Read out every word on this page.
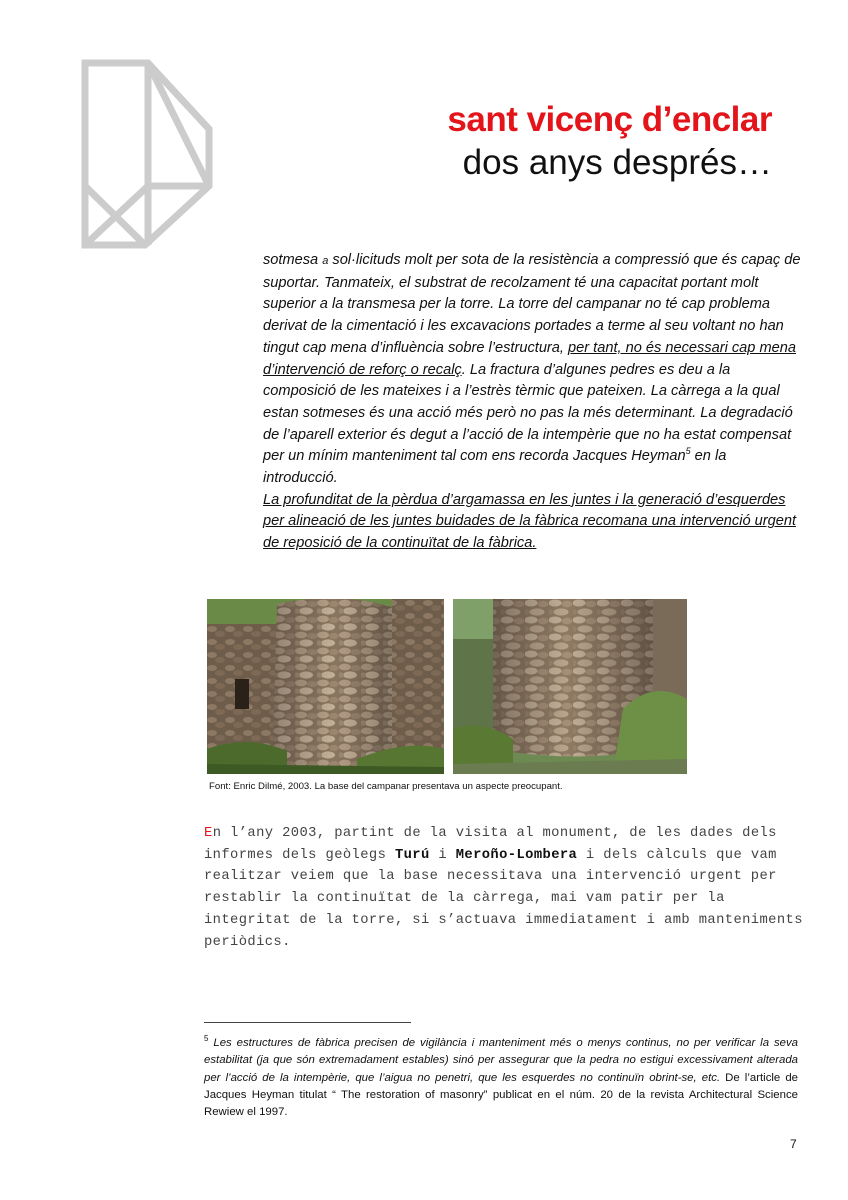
sant vicenç d’enclar
dos anys després…

sotmesa a sol·licituds molt per sota de la resistència a compressió que és capaç de suportar. Tanmateix, el substrat de recolzament té una capacitat portant molt superior a la transmesa per la torre. La torre del campanar no té cap problema derivat de la cimentació i les excavacions portades a terme al seu voltant no han tingut cap mena d’influència sobre l’estructura, per tant, no és necessari cap mena d’intervenció de reforç o recalç. La fractura d’algunes pedres es deu a la composició de les mateixes i a l’estrès tèrmic que pateixen. La càrrega a la qual estan sotmeses és una acció més però no pas la més determinant. La degradació de l’aparell exterior és degut a l’acció de la intempèrie que no ha estat compensat per un mínim manteniment tal com ens recorda Jacques Heyman$^5$ en la introducció.
La profunditat de la pèrdua d’argamassa en les juntes i la generació d’esquerdes per alineació de les juntes buidades de la fàbrica recomana una intervenció urgent de reposició de la continuïtat de la fàbrica.

Font: Enric Dilmé, 2003. La base del campanar presentava un aspecte preocupant.

En l’any 2003, partint de la visita al monument, de les dades dels informes dels geòlegs Turú i Meroño-Lombera i dels càlculs que vam realitzar veiem que la base necessitava una intervenció urgent per restablir la continuïtat de la càrrega, mai vam patir per la integritat de la torre, si s’actuava immediatament i amb manteniments periòdics.

$^5$ Les estructures de fàbrica precisen de vigilància i manteniment més o menys continus, no per verificar la seva estabilitat (ja que són extremadament estables) sinó per assegurar que la pedra no estigui excessivament alterada per l’acció de la intempèrie, que l’aigua no penetri, que les esquerdes no continuïn obrint-se, etc. De l’article de Jacques Heyman titulat “ The restoration of masonry” publicat en el núm. 20 de la revista Architectural Science Rewiew el 1997.

7
